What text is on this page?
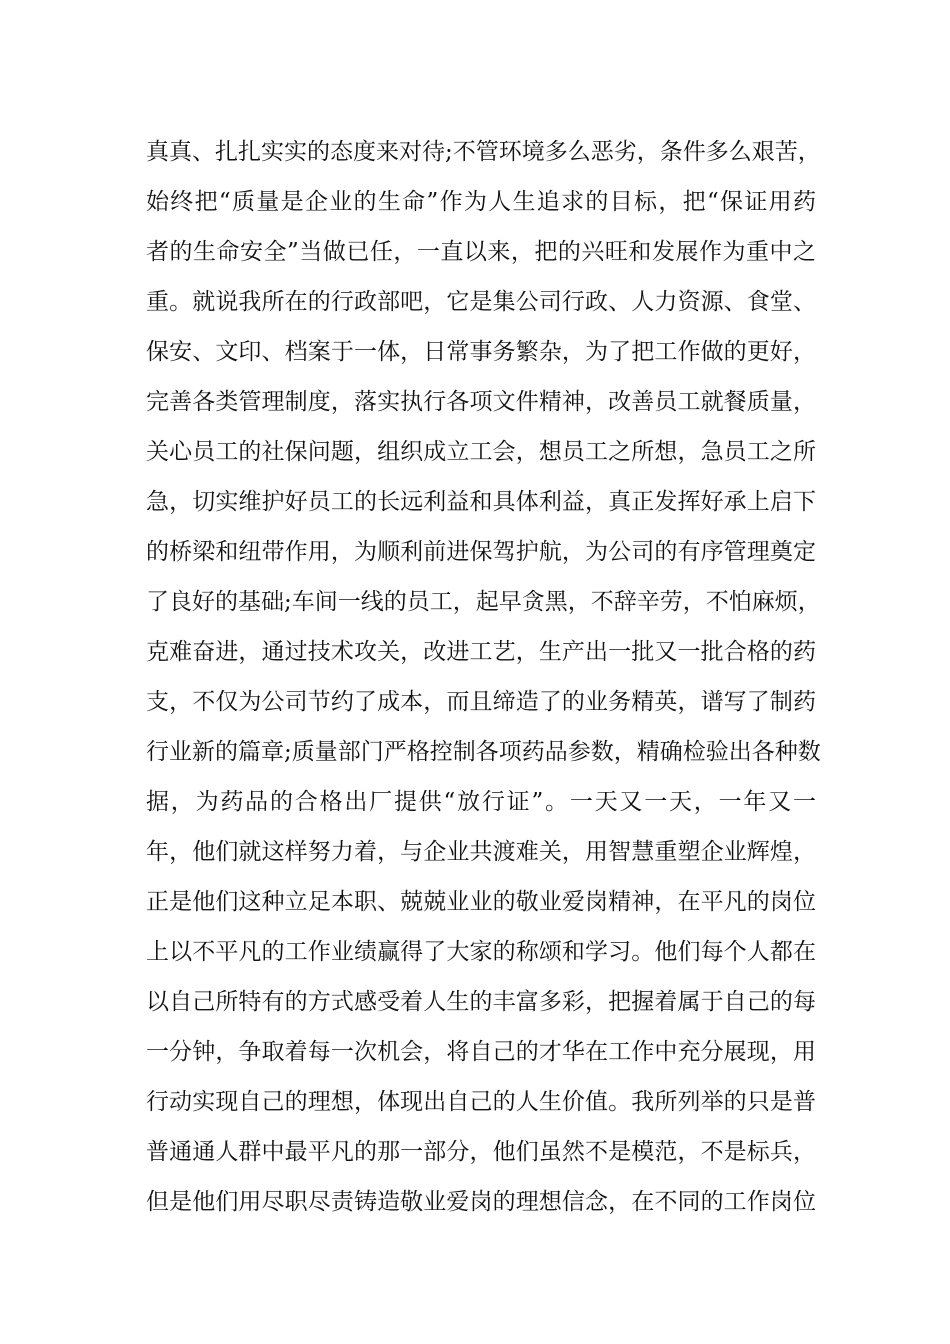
真真、扎扎实实的态度来对待;不管环境多么恶劣，条件多么艰苦，
始终把“质量是企业的生命”作为人生追求的目标，把“保证用药
者的生命安全”当做已任，一直以来，把的兴旺和发展作为重中之
重。就说我所在的行政部吧，它是集公司行政、人力资源、食堂、
保安、文印、档案于一体，日常事务繁杂，为了把工作做的更好，
完善各类管理制度，落实执行各项文件精神，改善员工就餐质量，
关心员工的社保问题，组织成立工会，想员工之所想，急员工之所
急，切实维护好员工的长远利益和具体利益，真正发挥好承上启下
的桥梁和纽带作用，为顺利前进保驾护航，为公司的有序管理奠定
了良好的基础;车间一线的员工，起早贪黑，不辞辛劳，不怕麻烦，
克难奋进，通过技术攻关，改进工艺，生产出一批又一批合格的药
支，不仅为公司节约了成本，而且缔造了的业务精英，谱写了制药
行业新的篇章;质量部门严格控制各项药品参数，精确检验出各种数
据，为药品的合格出厂提供“放行证”。一天又一天，一年又一
年，他们就这样努力着，与企业共渡难关，用智慧重塑企业辉煌，
正是他们这种立足本职、兢兢业业的敬业爱岗精神，在平凡的岗位
上以不平凡的工作业绩赢得了大家的称颂和学习。他们每个人都在
以自己所特有的方式感受着人生的丰富多彩，把握着属于自己的每
一分钟，争取着每一次机会，将自己的才华在工作中充分展现，用
行动实现自己的理想，体现出自己的人生价值。我所列举的只是普
普通通人群中最平凡的那一部分，他们虽然不是模范，不是标兵，
但是他们用尽职尽责铸造敬业爱岗的理想信念，在不同的工作岗位
